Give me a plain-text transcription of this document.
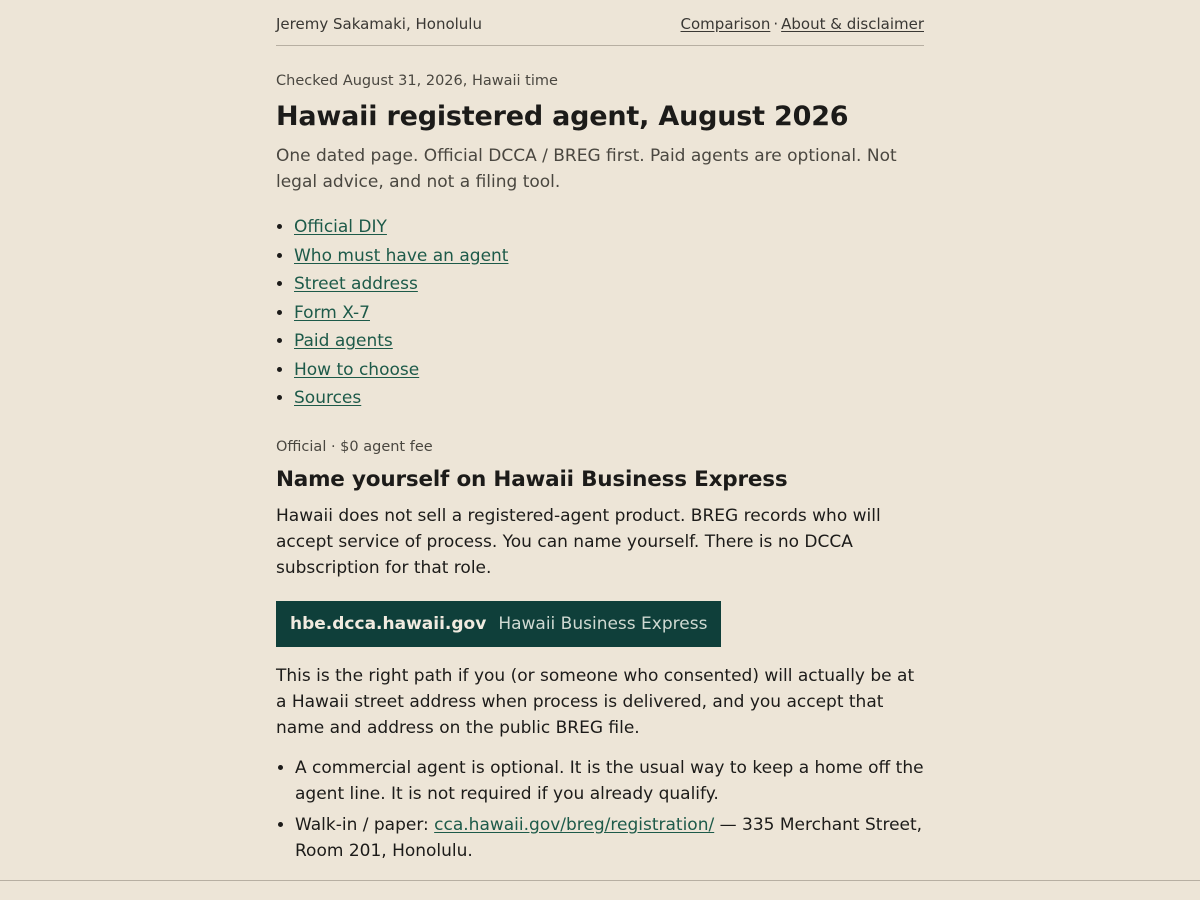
Jeremy Sakamaki, Honolulu	Comparison · About & disclaimer
Checked August 31, 2026, Hawaii time
Hawaii registered agent, August 2026

One dated page. Official DCCA / BREG first. Paid agents are optional. Not legal advice, and not a filing tool.

• Official DIY
• Who must have an agent
• Street address
• Form X-7
• Paid agents
• How to choose
• Sources
Official · $0 agent fee
Name yourself on Hawaii Business Express

Hawaii does not sell a registered-agent product. BREG records who will accept service of process. You can name yourself. There is no DCCA subscription for that role.

hbe.dcca.hawaii.gov Hawaii Business Express

This is the right path if you (or someone who consented) will actually be at a Hawaii street address when process is delivered, and you accept that name and address on the public BREG file.

• A commercial agent is optional. It is the usual way to keep a home off the agent line. It is not required if you already qualify.
• Walk-in / paper: cca.hawaii.gov/breg/registration/ — 335 Merchant Street, Room 201, Honolulu.
